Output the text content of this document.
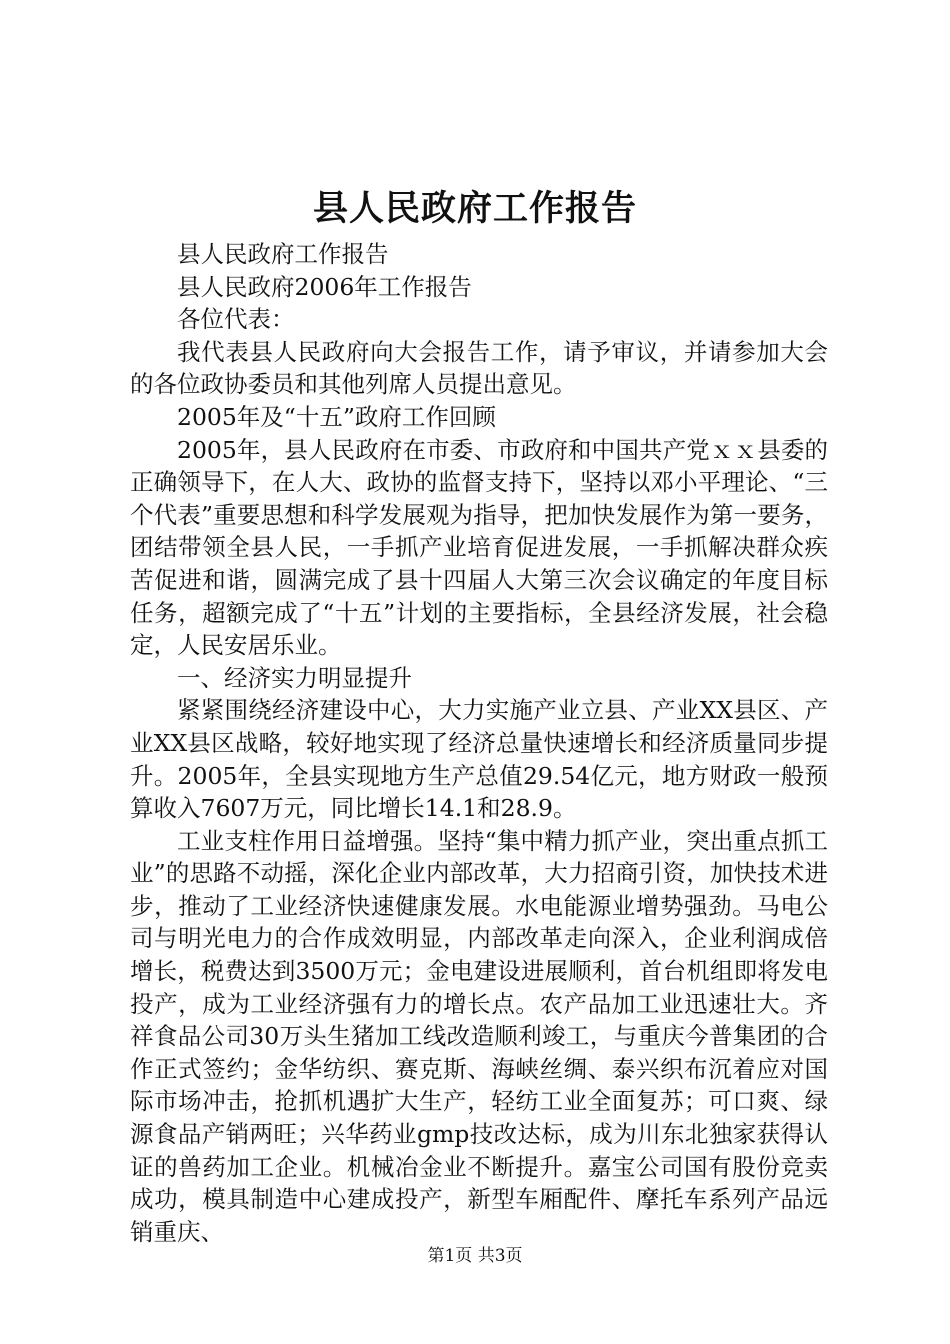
县人民政府工作报告

县人民政府工作报告

县人民政府2006年工作报告

各位代表：

我代表县人民政府向大会报告工作，请予审议，并请参加大会的各位政协委员和其他列席人员提出意见。

2005年及“十五”政府工作回顾

2005年，县人民政府在市委、市政府和中国共产党ｘｘ县委的正确领导下，在人大、政协的监督支持下，坚持以邓小平理论、“三个代表”重要思想和科学发展观为指导，把加快发展作为第一要务，团结带领全县人民，一手抓产业培育促进发展，一手抓解决群众疾苦促进和谐，圆满完成了县十四届人大第三次会议确定的年度目标任务，超额完成了“十五”计划的主要指标，全县经济发展，社会稳定，人民安居乐业。

一、经济实力明显提升

紧紧围绕经济建设中心，大力实施产业立县、产业XX县区、产业XX县区战略，较好地实现了经济总量快速增长和经济质量同步提升。2005年，全县实现地方生产总值29.54亿元，地方财政一般预算收入7607万元，同比增长14.1和28.9。

工业支柱作用日益增强。坚持“集中精力抓产业，突出重点抓工业”的思路不动摇，深化企业内部改革，大力招商引资，加快技术进步，推动了工业经济快速健康发展。水电能源业增势强劲。马电公司与明光电力的合作成效明显，内部改革走向深入，企业利润成倍增长，税费达到3500万元；金电建设进展顺利，首台机组即将发电投产，成为工业经济强有力的增长点。农产品加工业迅速壮大。齐祥食品公司30万头生猪加工线改造顺利竣工，与重庆今普集团的合作正式签约；金华纺织、赛克斯、海峡丝绸、泰兴织布沉着应对国际市场冲击，抢抓机遇扩大生产，轻纺工业全面复苏；可口爽、绿源食品产销两旺；兴华药业gmp技改达标，成为川东北独家获得认证的兽药加工企业。机械冶金业不断提升。嘉宝公司国有股份竞卖成功，模具制造中心建成投产，新型车厢配件、摩托车系列产品远销重庆、

第1页 共3页
